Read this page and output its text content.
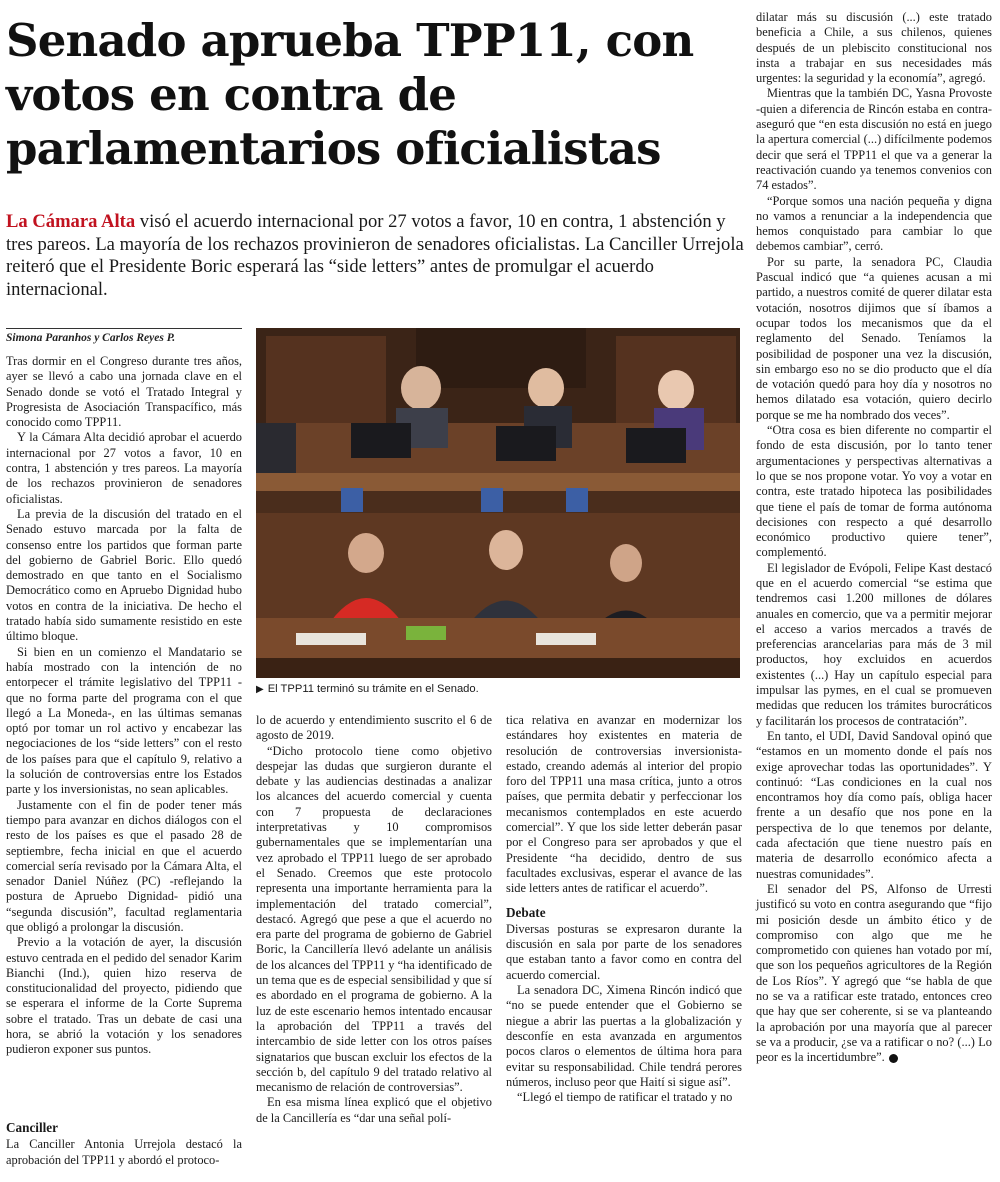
Senado aprueba TPP11, con votos en contra de parlamentarios oficialistas

La Cámara Alta visó el acuerdo internacional por 27 votos a favor, 10 en contra, 1 abstención y tres pareos. La mayoría de los rechazos provinieron de senadores oficialistas. La Canciller Urrejola reiteró que el Presidente Boric esperará las “side letters” antes de promulgar el acuerdo internacional.

Simona Paranhos y Carlos Reyes P.

Tras dormir en el Congreso durante tres años, ayer se llevó a cabo una jornada clave en el Senado donde se votó el Tratado Integral y Progresista de Asociación Transpacífico, más conocido como TPP11.

Y la Cámara Alta decidió aprobar el acuerdo internacional por 27 votos a favor, 10 en contra, 1 abstención y tres pareos. La mayoría de los rechazos provinieron de senadores oficialistas.

La previa de la discusión del tratado en el Senado estuvo marcada por la falta de consenso entre los partidos que forman parte del gobierno de Gabriel Boric. Ello quedó demostrado en que tanto en el Socialismo Democrático como en Apruebo Dignidad hubo votos en contra de la iniciativa. De hecho el tratado había sido sumamente resistido en este último bloque.

Si bien en un comienzo el Mandatario se había mostrado con la intención de no entorpecer el trámite legislativo del TPP11 -que no forma parte del programa con el que llegó a La Moneda-, en las últimas semanas optó por tomar un rol activo y encabezar las negociaciones de los “side letters” con el resto de los países para que el capítulo 9, relativo a la solución de controversias entre los Estados parte y los inversionistas, no sean aplicables.

Justamente con el fin de poder tener más tiempo para avanzar en dichos diálogos con el resto de los países es que el pasado 28 de septiembre, fecha inicial en que el acuerdo comercial sería revisado por la Cámara Alta, el senador Daniel Núñez (PC) -reflejando la postura de Apruebo Dignidad- pidió una “segunda discusión”, facultad reglamentaria que obligó a prolongar la discusión.

Previo a la votación de ayer, la discusión estuvo centrada en el pedido del senador Karim Bianchi (Ind.), quien hizo reserva de constitucionalidad del proyecto, pidiendo que se esperara el informe de la Corte Suprema sobre el tratado. Tras un debate de casi una hora, se abrió la votación y los senadores pudieron exponer sus puntos.

Canciller

La Canciller Antonia Urrejola destacó la aprobación del TPP11 y abordó el protoco-

▶ El TPP11 terminó su trámite en el Senado.

lo de acuerdo y entendimiento suscrito el 6 de agosto de 2019.

“Dicho protocolo tiene como objetivo despejar las dudas que surgieron durante el debate y las audiencias destinadas a analizar los alcances del acuerdo comercial y cuenta con 7 propuesta de declaraciones interpretativas y 10 compromisos gubernamentales que se implementarían una vez aprobado el TPP11 luego de ser aprobado el Senado. Creemos que este protocolo representa una importante herramienta para la implementación del tratado comercial”, destacó. Agregó que pese a que el acuerdo no era parte del programa de gobierno de Gabriel Boric, la Cancillería llevó adelante un análisis de los alcances del TPP11 y “ha identificado de un tema que es de especial sensibilidad y que sí es abordado en el programa de gobierno. A la luz de este escenario hemos intentado encausar la aprobación del TPP11 a través del intercambio de side letter con los otros países signatarios que buscan excluir los efectos de la sección b, del capítulo 9 del tratado relativo al mecanismo de relación de controversias”.

En esa misma línea explicó que el objetivo de la Cancillería es “dar una señal polí-

tica relativa en avanzar en modernizar los estándares hoy existentes en materia de resolución de controversias inversionista-estado, creando además al interior del propio foro del TPP11 una masa crítica, junto a otros países, que permita debatir y perfeccionar los mecanismos contemplados en este acuerdo comercial”. Y que los side letter deberán pasar por el Congreso para ser aprobados y que el Presidente “ha decidido, dentro de sus facultades exclusivas, esperar el avance de las side letters antes de ratificar el acuerdo”.

Debate

Diversas posturas se expresaron durante la discusión en sala por parte de los senadores que estaban tanto a favor como en contra del acuerdo comercial.

La senadora DC, Ximena Rincón indicó que “no se puede entender que el Gobierno se niegue a abrir las puertas a la globalización y desconfíe en esta avanzada en argumentos pocos claros o elementos de última hora para evitar su responsabilidad. Chile tendrá perores números, incluso peor que Haití si sigue así”.

“Llegó el tiempo de ratificar el tratado y no

dilatar más su discusión (...) este tratado beneficia a Chile, a sus chilenos, quienes después de un plebiscito constitucional nos insta a trabajar en sus necesidades más urgentes: la seguridad y la economía”, agregó.

Mientras que la también DC, Yasna Provoste -quien a diferencia de Rincón estaba en contra- aseguró que “en esta discusión no está en juego la apertura comercial (...) difícilmente podemos decir que será el TPP11 el que va a generar la reactivación cuando ya tenemos convenios con 74 estados”.

“Porque somos una nación pequeña y digna no vamos a renunciar a la independencia que hemos conquistado para cambiar lo que debemos cambiar”, cerró.

Por su parte, la senadora PC, Claudia Pascual indicó que “a quienes acusan a mi partido, a nuestros comité de querer dilatar esta votación, nosotros dijimos que sí íbamos a ocupar todos los mecanismos que da el reglamento del Senado. Teníamos la posibilidad de posponer una vez la discusión, sin embargo eso no se dio producto que el día de votación quedó para hoy día y nosotros no hemos dilatado esa votación, quiero decirlo porque se me ha nombrado dos veces”.

“Otra cosa es bien diferente no compartir el fondo de esta discusión, por lo tanto tener argumentaciones y perspectivas alternativas a lo que se nos propone votar. Yo voy a votar en contra, este tratado hipoteca las posibilidades que tiene el país de tomar de forma autónoma decisiones con respecto a qué desarrollo económico productivo quiere tener”, complementó.

El legislador de Evópoli, Felipe Kast destacó que en el acuerdo comercial “se estima que tendremos casi 1.200 millones de dólares anuales en comercio, que va a permitir mejorar el acceso a varios mercados a través de preferencias arancelarias para más de 3 mil productos, hoy excluidos en acuerdos existentes (...) Hay un capítulo especial para impulsar las pymes, en el cual se promueven medidas que reducen los trámites burocráticos y facilitarán los procesos de contratación”.

En tanto, el UDI, David Sandoval opinó que “estamos en un momento donde el país nos exige aprovechar todas las oportunidades”. Y continuó: “Las condiciones en la cual nos encontramos hoy día como país, obliga hacer frente a un desafío que nos pone en la perspectiva de lo que tenemos por delante, cada afectación que tiene nuestro país en materia de desarrollo económico afecta a nuestras comunidades”.

El senador del PS, Alfonso de Urresti justificó su voto en contra asegurando que “fijo mi posición desde un ámbito ético y de compromiso con algo que me he comprometido con quienes han votado por mí, que son los pequeños agricultores de la Región de Los Ríos”. Y agregó que “se habla de que no se va a ratificar este tratado, entonces creo que hay que ser coherente, si se va planteando la aprobación por una mayoría que al parecer se va a producir, ¿se va a ratificar o no? (...) Lo peor es la incertidumbre”.
